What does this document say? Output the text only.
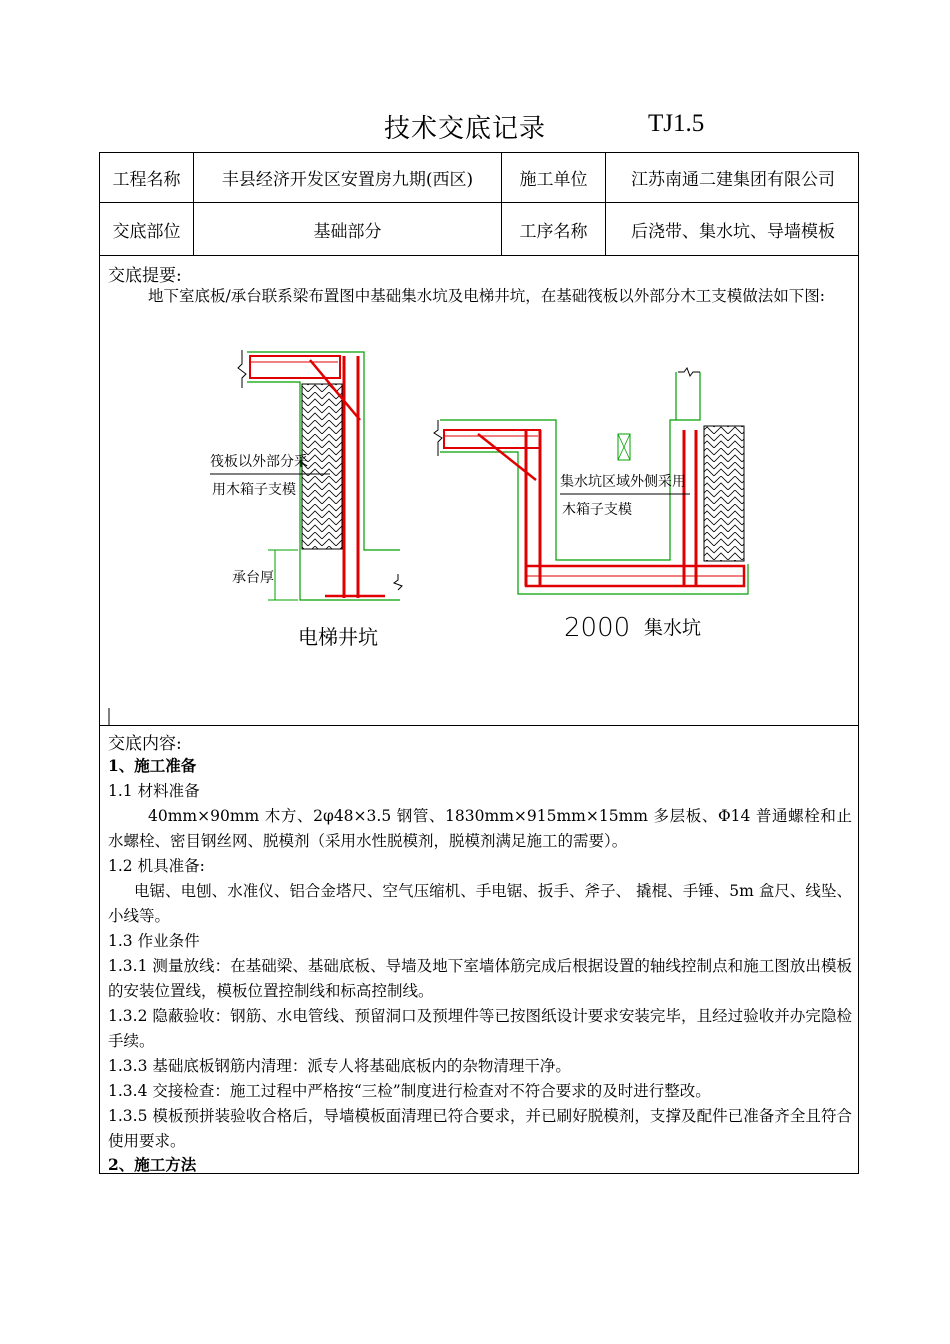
技术交底记录	TJ1.5
工程名称	丰县经济开发区安置房九期(西区)	施工单位	江苏南通二建集团有限公司
交底部位	基础部分	工序名称	后浇带、集水坑、导墙模板
交底提要:
地下室底板/承台联系梁布置图中基础集水坑及电梯井坑，在基础筏板以外部分木工支模做法如下图:
交底内容:
1、施工准备
1.1 材料准备
40mm×90mm 木方、2φ48×3.5 钢管、1830mm×915mm×15mm 多层板、Φ14 普通螺栓和止水螺栓、密目钢丝网、脱模剂（采用水性脱模剂，脱模剂满足施工的需要）。
1.2 机具准备:
电锯、电刨、水准仪、铝合金塔尺、空气压缩机、手电锯、扳手、斧子、 撬棍、手锤、5m 盒尺、线坠、小线等。
1.3 作业条件
1.3.1 测量放线：在基础梁、基础底板、导墙及地下室墙体筋完成后根据设置的轴线控制点和施工图放出模板的安装位置线，模板位置控制线和标高控制线。
1.3.2 隐蔽验收：钢筋、水电管线、预留洞口及预埋件等已按图纸设计要求安装完毕，且经过验收并办完隐检手续。
1.3.3 基础底板钢筋内清理：派专人将基础底板内的杂物清理干净。
1.3.4 交接检查：施工过程中严格按“三检”制度进行检查对不符合要求的及时进行整改。
1.3.5 模板预拼装验收合格后，导墙模板面清理已符合要求，并已刷好脱模剂，支撑及配件已准备齐全且符合使用要求。
2、施工方法
筏板以外部分采
用木箱子支模
承台厚
电梯井坑
集水坑区域外侧采用
木箱子支模
2000 集水坑
